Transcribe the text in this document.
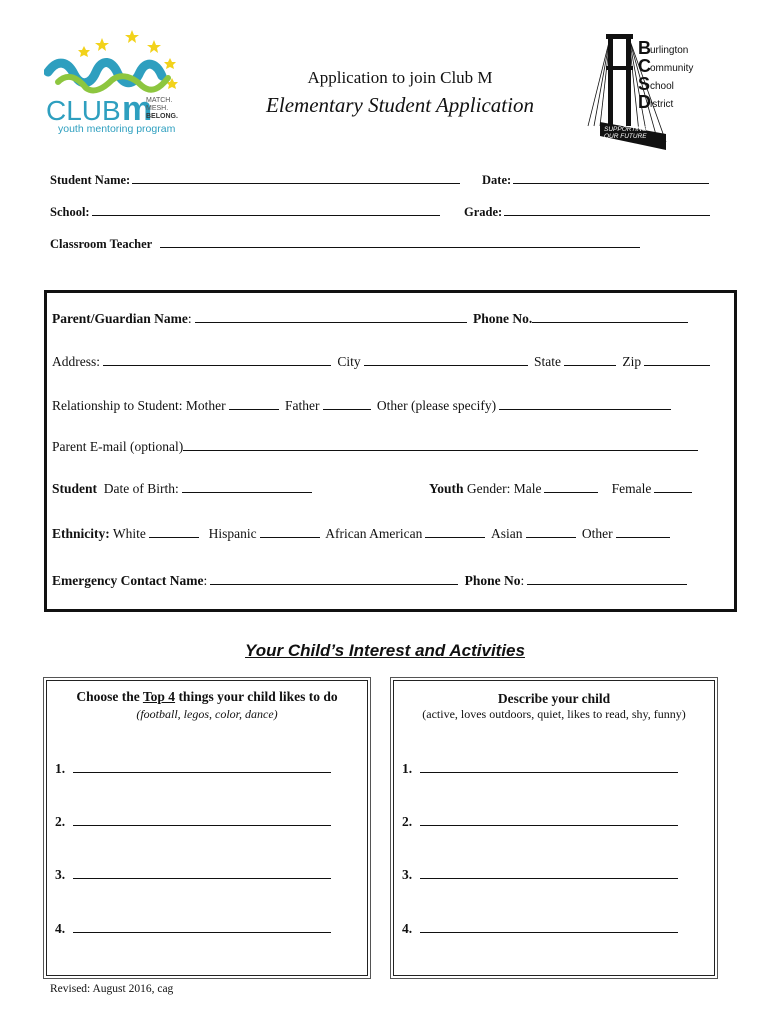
CLUB m
MATCH.
MESH.
BELONG.
youth mentoring program
Application to join Club M
Elementary Student Application
SUPPORTING
OUR FUTURE
B urlington
C ommunity
S chool
D istrict
Student Name:	Date:
School:	Grade:
Classroom Teacher
Parent/Guardian Name:	Phone No.
Address:	City	State	Zip
Relationship to Student: Mother	Father	Other (please specify)
Parent E-mail (optional)
Student Date of Birth:	Youth Gender: Male	Female
Ethnicity: White	Hispanic	African American	Asian	Other
Emergency Contact Name:	Phone No:
Your Child’s Interest and Activities
Choose the Top 4 things your child likes to do
(football, legos, color, dance)
1.
2.
3.
4.
Describe your child
(active, loves outdoors, quiet, likes to read, shy, funny)
1.
2.
3.
4.
Revised: August 2016, cag
